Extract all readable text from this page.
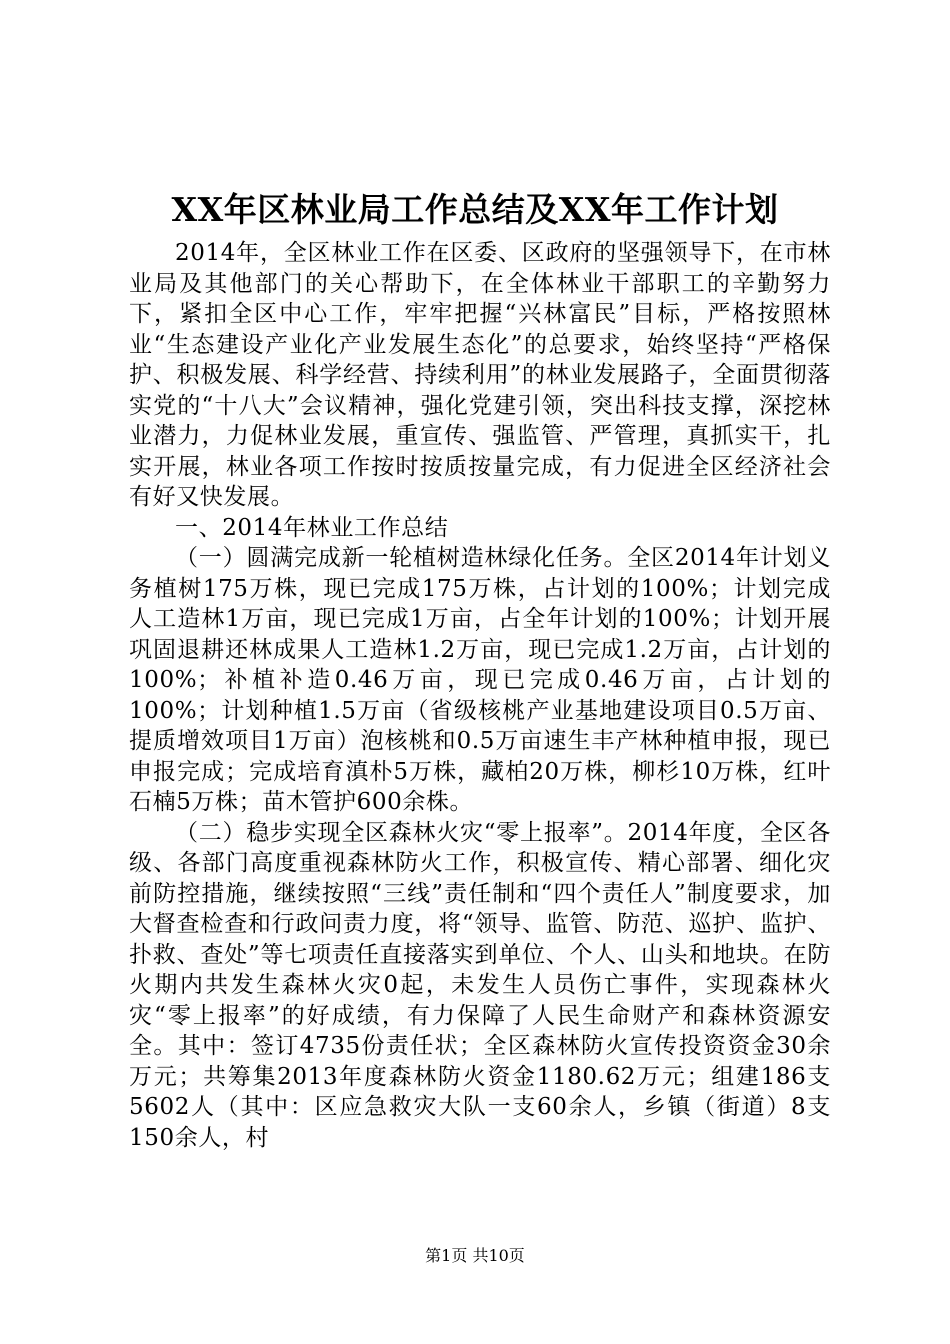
XX年区林业局工作总结及XX年工作计划

2014年，全区林业工作在区委、区政府的坚强领导下，在市林业局及其他部门的关心帮助下，在全体林业干部职工的辛勤努力下，紧扣全区中心工作，牢牢把握“兴林富民”目标，严格按照林业“生态建设产业化产业发展生态化”的总要求，始终坚持“严格保护、积极发展、科学经营、持续利用”的林业发展路子，全面贯彻落实党的“十八大”会议精神，强化党建引领，突出科技支撑，深挖林业潜力，力促林业发展，重宣传、强监管、严管理，真抓实干，扎实开展，林业各项工作按时按质按量完成，有力促进全区经济社会有好又快发展。

一、2014年林业工作总结

（一）圆满完成新一轮植树造林绿化任务。全区2014年计划义务植树175万株，现已完成175万株，占计划的100%；计划完成人工造林1万亩，现已完成1万亩，占全年计划的100%；计划开展巩固退耕还林成果人工造林1.2万亩，现已完成1.2万亩，占计划的100%；补植补造0.46万亩，现已完成0.46万亩，占计划的100%；计划种植1.5万亩（省级核桃产业基地建设项目0.5万亩、提质增效项目1万亩）泡核桃和0.5万亩速生丰产林种植申报，现已申报完成；完成培育滇朴5万株，藏柏20万株，柳杉10万株，红叶石楠5万株；苗木管护600余株。

（二）稳步实现全区森林火灾“零上报率”。2014年度，全区各级、各部门高度重视森林防火工作，积极宣传、精心部署、细化灾前防控措施，继续按照“三线”责任制和“四个责任人”制度要求，加大督查检查和行政问责力度，将“领导、监管、防范、巡护、监护、扑救、查处”等七项责任直接落实到单位、个人、山头和地块。在防火期内共发生森林火灾0起，未发生人员伤亡事件，实现森林火灾“零上报率”的好成绩，有力保障了人民生命财产和森林资源安全。其中：签订4735份责任状；全区森林防火宣传投资资金30余万元；共筹集2013年度森林防火资金1180.62万元；组建186支5602人（其中：区应急救灾大队一支60余人，乡镇（街道）8支150余人，村

第1页 共10页
